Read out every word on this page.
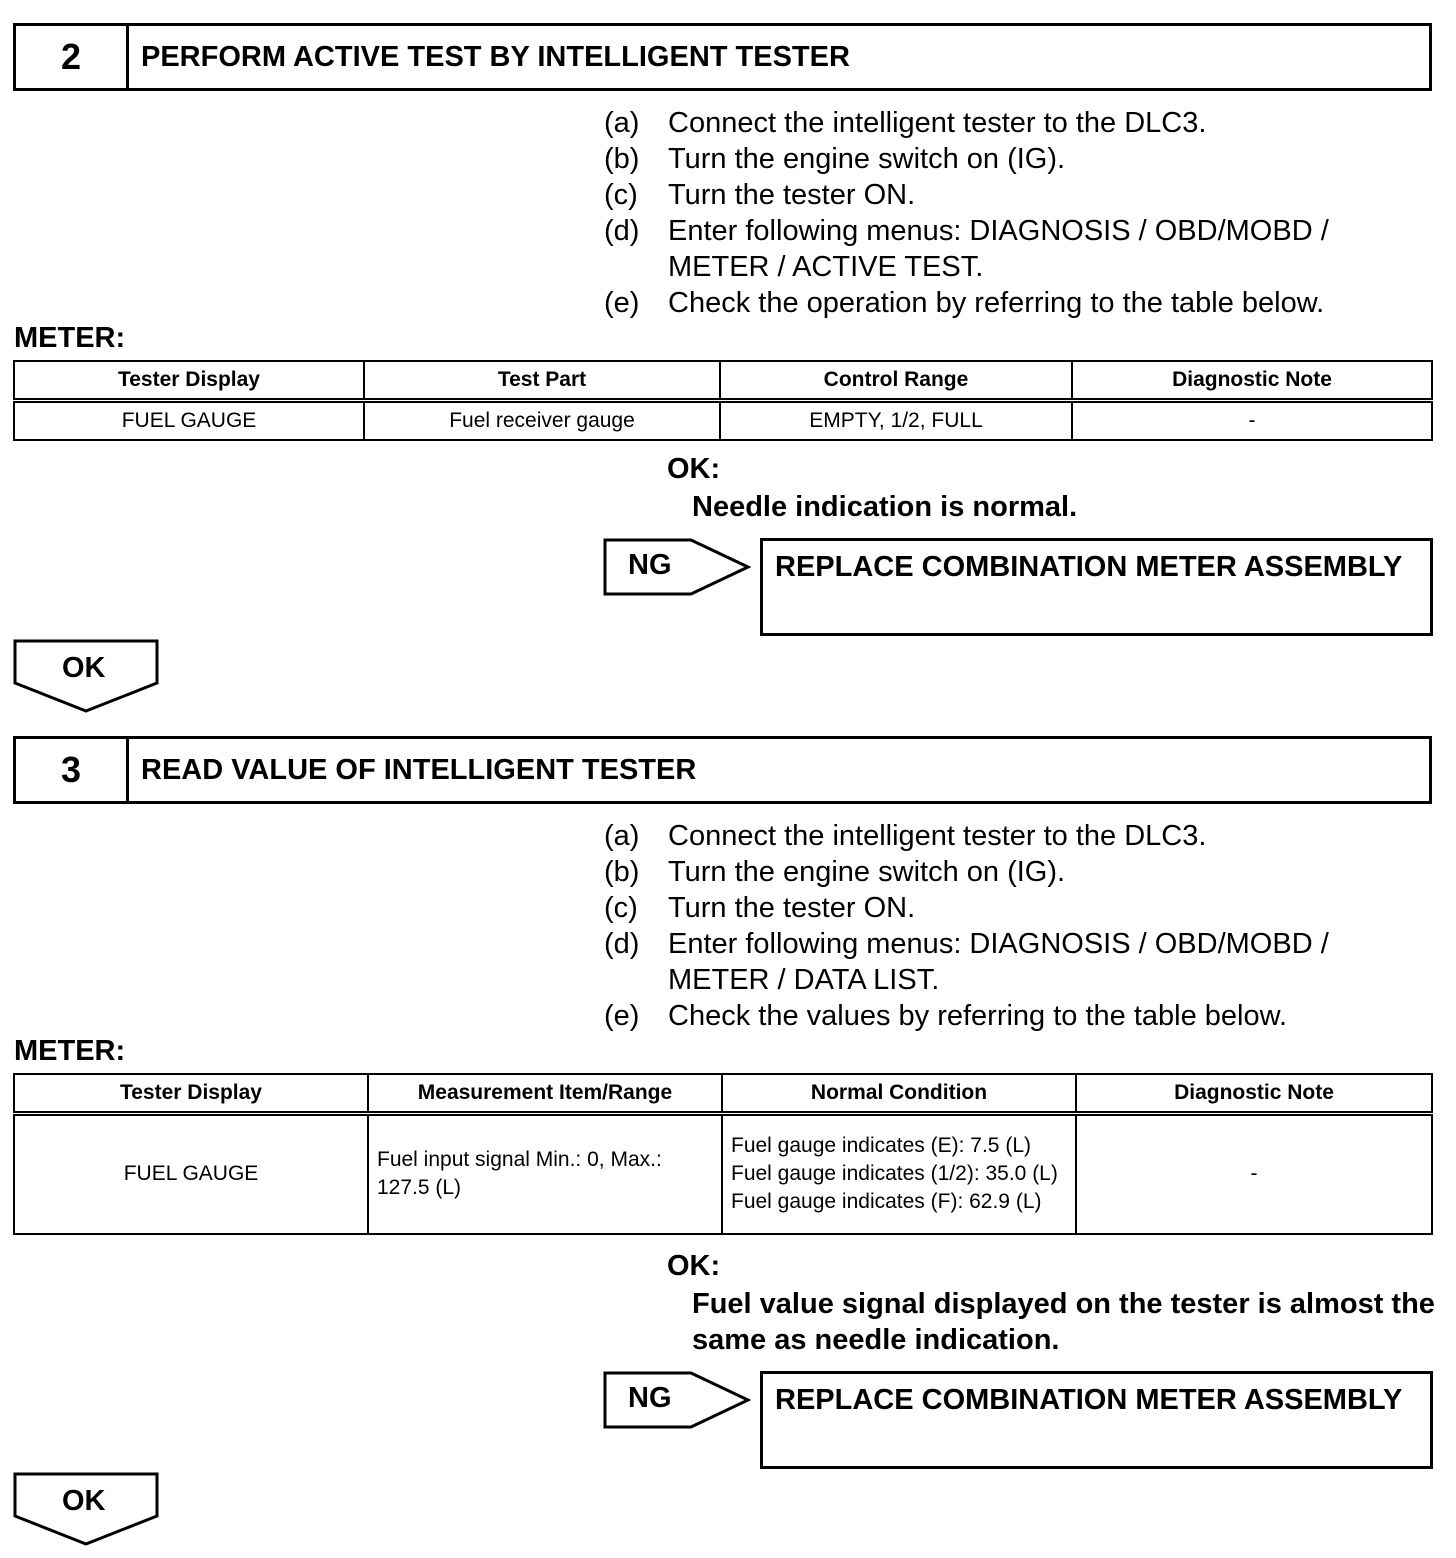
2	PERFORM ACTIVE TEST BY INTELLIGENT TESTER
(a) Connect the intelligent tester to the DLC3.
(b) Turn the engine switch on (IG).
(c)	Turn the tester ON.
(d) Enter following menus: DIAGNOSIS / OBD/MOBD / METER / ACTIVE TEST.
(e) Check the operation by referring to the table below.
METER:
Tester Display	Test Part	Control Range	Diagnostic Note
FUEL GAUGE	Fuel receiver gauge	EMPTY, 1/2, FULL	-
OK:
Needle indication is normal.
NG	REPLACE COMBINATION METER ASSEMBLY
OK
3	READ VALUE OF INTELLIGENT TESTER
(a) Connect the intelligent tester to the DLC3.
(b) Turn the engine switch on (IG).
(c)	Turn the tester ON.
(d) Enter following menus: DIAGNOSIS / OBD/MOBD / METER / DATA LIST.
(e) Check the values by referring to the table below.
METER:
Tester Display	Measurement Item/Range	Normal Condition	Diagnostic Note
FUEL GAUGE	Fuel input signal Min.: 0, Max.: 127.5 (L)	Fuel gauge indicates (E): 7.5 (L)
Fuel gauge indicates (1/2): 35.0 (L)
Fuel gauge indicates (F): 62.9 (L)	-
OK:
Fuel value signal displayed on the tester is almost the same as needle indication.
NG	REPLACE COMBINATION METER ASSEMBLY
OK
